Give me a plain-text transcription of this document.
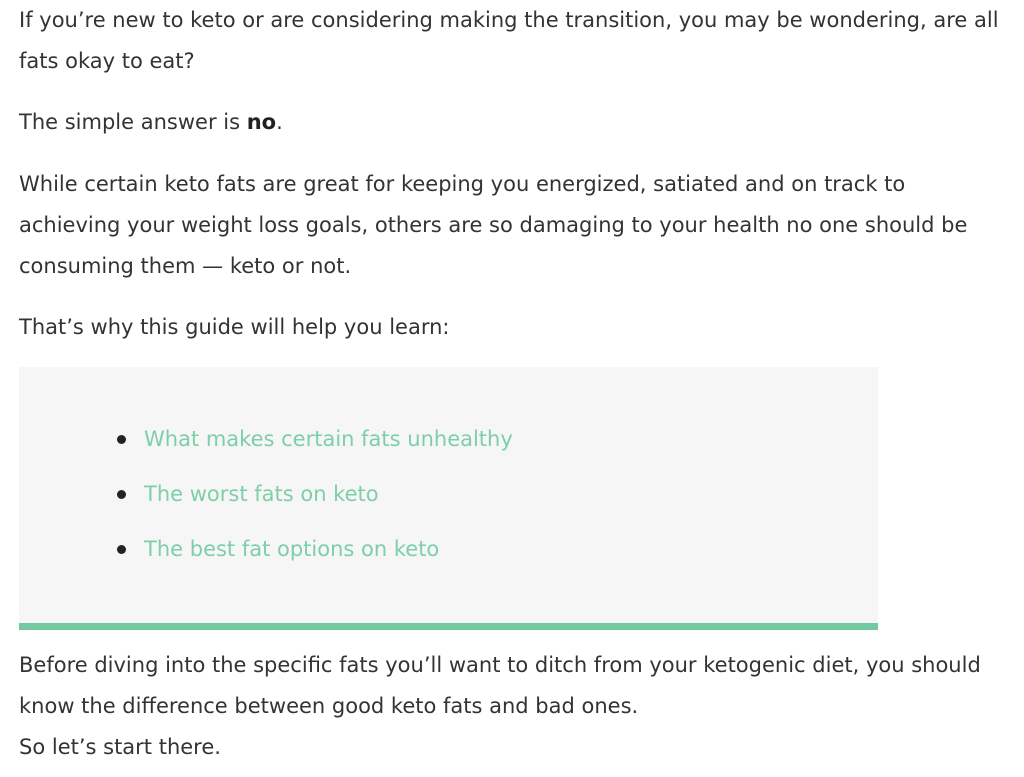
If you’re new to keto or are considering making the transition, you may be wondering, are all fats okay to eat?

The simple answer is no.

While certain keto fats are great for keeping you energized, satiated and on track to achieving your weight loss goals, others are so damaging to your health no one should be consuming them — keto or not.

That’s why this guide will help you learn:

What makes certain fats unhealthy
The worst fats on keto
The best fat options on keto

Before diving into the specific fats you’ll want to ditch from your ketogenic diet, you should know the difference between good keto fats and bad ones.
So let’s start there.
